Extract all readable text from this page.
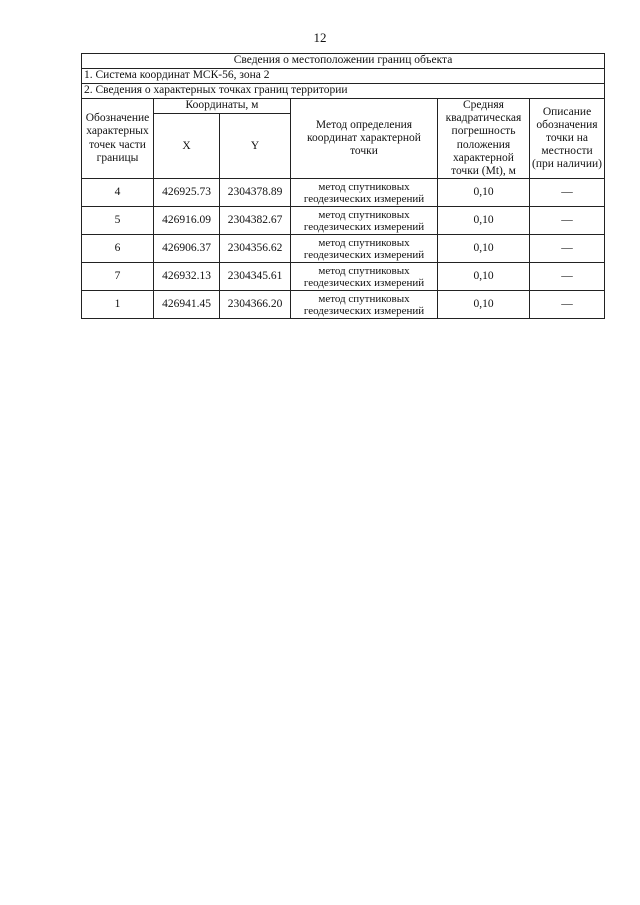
12
Сведения о местоположении границ объекта					
1. Система координат МСК-56, зона 2					
2. Сведения о характерных точках границ территории					
Обозначение характерных точек части границы	Координаты, м		Метод определения координат характерной точки	Средняя квадратическая погрешность положения характерной точки (Mt), м	Описание обозначения точки на местности (при наличии)
	X	Y			
4	426925.73	2304378.89	метод спутниковых геодезических измерений	0,10	—
5	426916.09	2304382.67	метод спутниковых геодезических измерений	0,10	—
6	426906.37	2304356.62	метод спутниковых геодезических измерений	0,10	—
7	426932.13	2304345.61	метод спутниковых геодезических измерений	0,10	—
1	426941.45	2304366.20	метод спутниковых геодезических измерений	0,10	—
